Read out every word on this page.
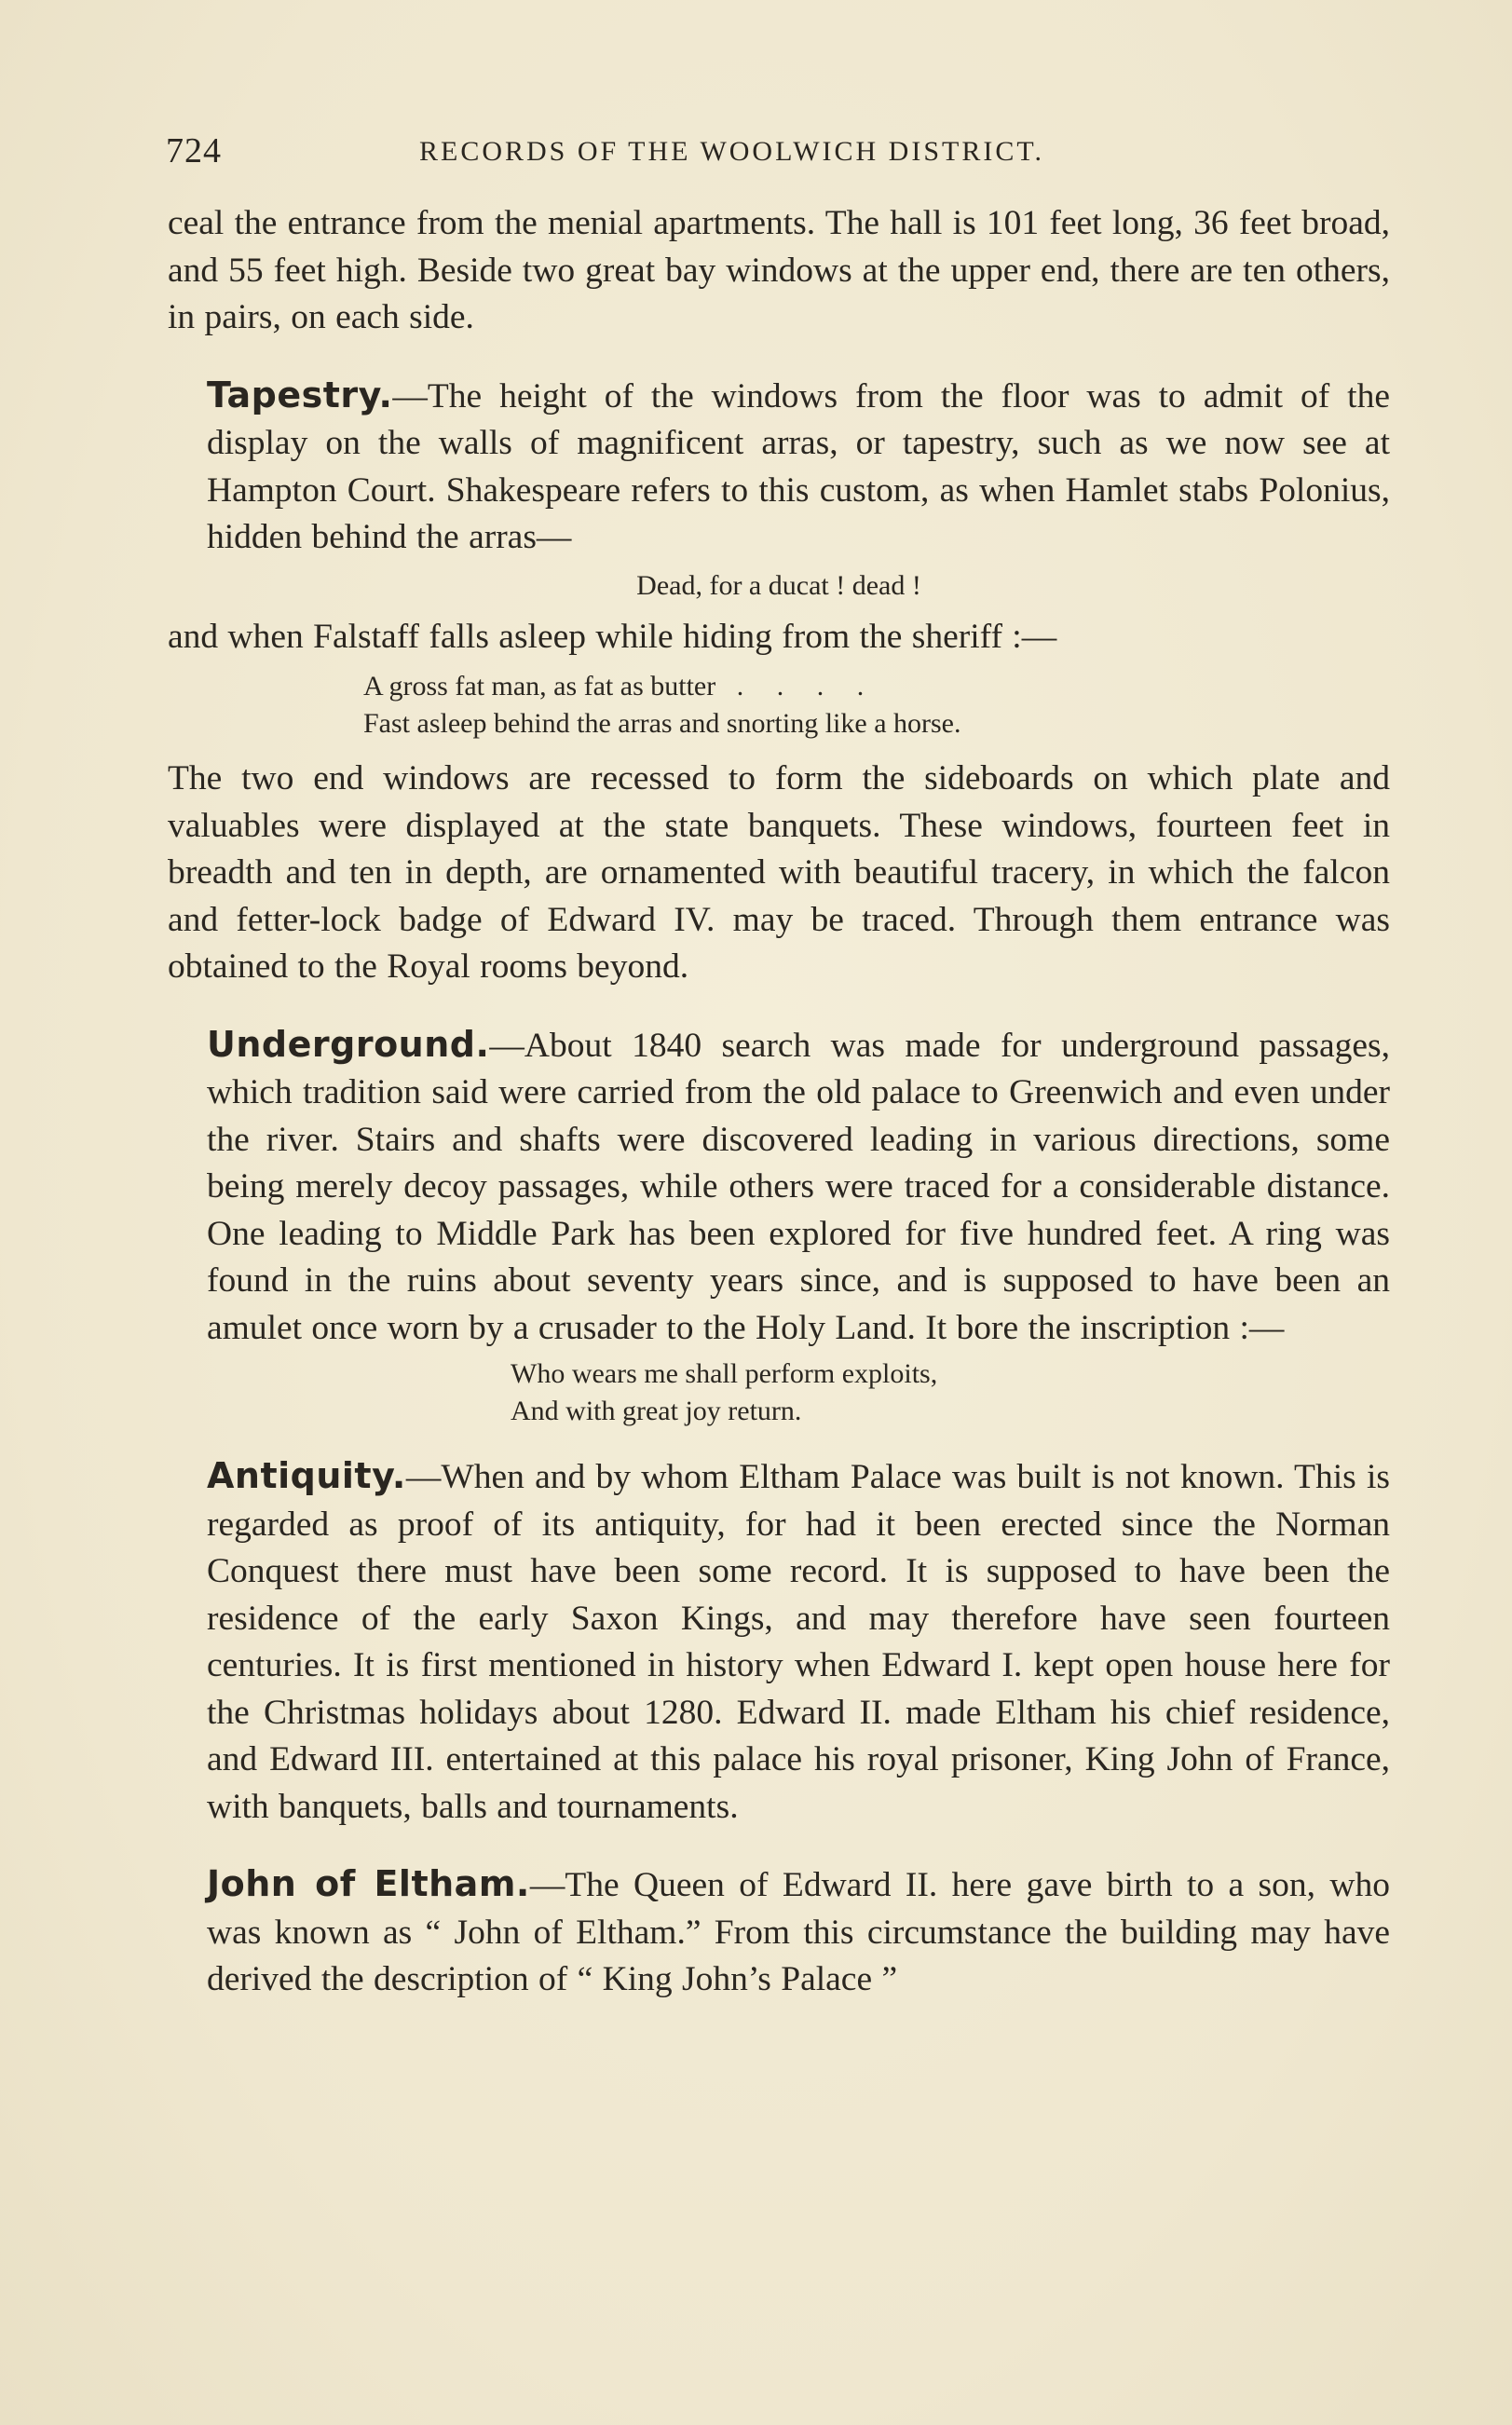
724	RECORDS OF THE WOOLWICH DISTRICT.

ceal the entrance from the menial apartments. The hall is 101 feet long, 36 feet broad, and 55 feet high. Beside two great bay windows at the upper end, there are ten others, in pairs, on each side.

Tapestry.—The height of the windows from the floor was to admit of the display on the walls of magnificent arras, or tapestry, such as we now see at Hampton Court. Shakespeare refers to this custom, as when Hamlet stabs Polonius, hidden behind the arras—

Dead, for a ducat ! dead !

and when Falstaff falls asleep while hiding from the sheriff :—

A gross fat man, as fat as butter . . . .

Fast asleep behind the arras and snorting like a horse.

The two end windows are recessed to form the sideboards on which plate and valuables were displayed at the state banquets. These windows, fourteen feet in breadth and ten in depth, are ornamented with beautiful tracery, in which the falcon and fetter-lock badge of Edward IV. may be traced. Through them entrance was obtained to the Royal rooms beyond.

Underground.—About 1840 search was made for underground passages, which tradition said were carried from the old palace to Greenwich and even under the river. Stairs and shafts were discovered leading in various directions, some being merely decoy passages, while others were traced for a considerable distance. One leading to Middle Park has been explored for five hundred feet. A ring was found in the ruins about seventy years since, and is supposed to have been an amulet once worn by a crusader to the Holy Land. It bore the inscription :—

Who wears me shall perform exploits,

And with great joy return.

Antiquity.—When and by whom Eltham Palace was built is not known. This is regarded as proof of its antiquity, for had it been erected since the Norman Conquest there must have been some record. It is supposed to have been the residence of the early Saxon Kings, and may therefore have seen fourteen centuries. It is first mentioned in history when Edward I. kept open house here for the Christmas holidays about 1280. Edward II. made Eltham his chief residence, and Edward III. entertained at this palace his royal prisoner, King John of France, with banquets, balls and tournaments.

John of Eltham.—The Queen of Edward II. here gave birth to a son, who was known as “ John of Eltham.” From this circumstance the building may have derived the description of “ King John’s Palace ”
